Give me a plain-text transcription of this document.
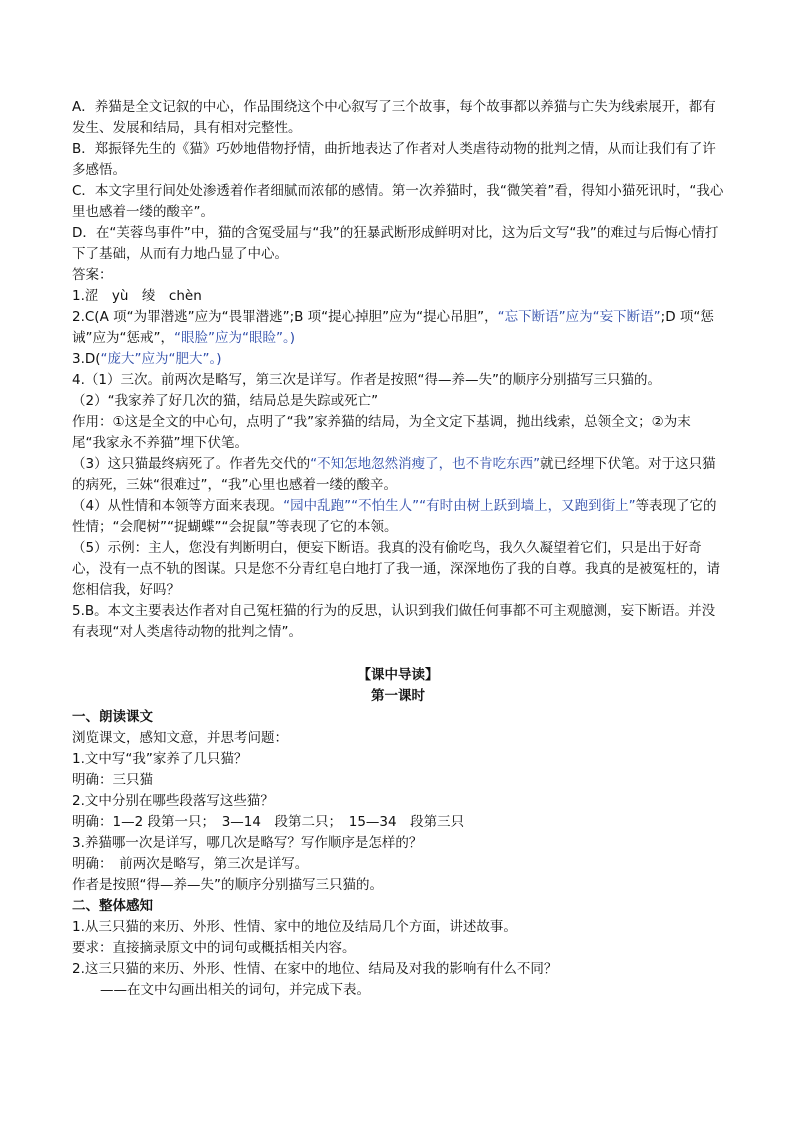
A．养猫是全文记叙的中心，作品围绕这个中心叙写了三个故事，每个故事都以养猫与亡失为线索展开，都有发生、发展和结局，具有相对完整性。

B．郑振铎先生的《猫》巧妙地借物抒情，曲折地表达了作者对人类虐待动物的批判之情，从而让我们有了许多感悟。

C．本文字里行间处处渗透着作者细腻而浓郁的感情。第一次养猫时，我“微笑着”看，得知小猫死讯时，“我心里也感着一缕的酸辛”。

D．在“芙蓉鸟事件”中，猫的含冤受屈与“我”的狂暴武断形成鲜明对比，这为后文写“我”的难过与后悔心情打下了基础，从而有力地凸显了中心。

答案：

1.涩　yù　绫　chèn

2.C(A 项“为罪潜逃”应为“畏罪潜逃”;B 项“提心掉胆”应为“提心吊胆”，“忘下断语”应为“妄下断语”;D 项“惩诫”应为“惩戒”，“眼脸”应为“眼睑”。)

3.D(“庞大”应为“肥大”。)

4.（1）三次。前两次是略写，第三次是详写。作者是按照“得—养—失”的顺序分别描写三只猫的。

（2）“我家养了好几次的猫，结局总是失踪或死亡”

作用：①这是全文的中心句，点明了“我”家养猫的结局，为全文定下基调，抛出线索，总领全文；②为末尾“我家永不养猫”埋下伏笔。

（3）这只猫最终病死了。作者先交代的“不知怎地忽然消瘦了，也不肯吃东西”就已经埋下伏笔。对于这只猫的病死，三妹“很难过”，“我”心里也感着一缕的酸辛。

（4）从性情和本领等方面来表现。“园中乱跑”“不怕生人”“有时由树上跃到墙上，又跑到街上”等表现了它的性情；“会爬树”“捉蝴蝶”“会捉鼠”等表现了它的本领。

（5）示例：主人，您没有判断明白，便妄下断语。我真的没有偷吃鸟，我久久凝望着它们，只是出于好奇心，没有一点不轨的图谋。只是您不分青红皂白地打了我一通，深深地伤了我的自尊。我真的是被冤枉的，请您相信我，好吗？

5.B。本文主要表达作者对自己冤枉猫的行为的反思，认识到我们做任何事都不可主观臆测，妄下断语。并没有表现“对人类虐待动物的批判之情”。

【课中导读】

第一课时

一、朗读课文

浏览课文，感知文意，并思考问题：

1.文中写“我”家养了几只猫？

明确：三只猫

2.文中分别在哪些段落写这些猫？

明确：1—2 段第一只；　3—14　段第二只；　15—34　段第三只

3.养猫哪一次是详写，哪几次是略写？写作顺序是怎样的？

明确：　前两次是略写，第三次是详写。

作者是按照“得—养—失”的顺序分别描写三只猫的。

二、整体感知

1.从三只猫的来历、外形、性情、家中的地位及结局几个方面，讲述故事。

要求：直接摘录原文中的词句或概括相关内容。

2.这三只猫的来历、外形、性情、在家中的地位、结局及对我的影响有什么不同？

——在文中勾画出相关的词句，并完成下表。
